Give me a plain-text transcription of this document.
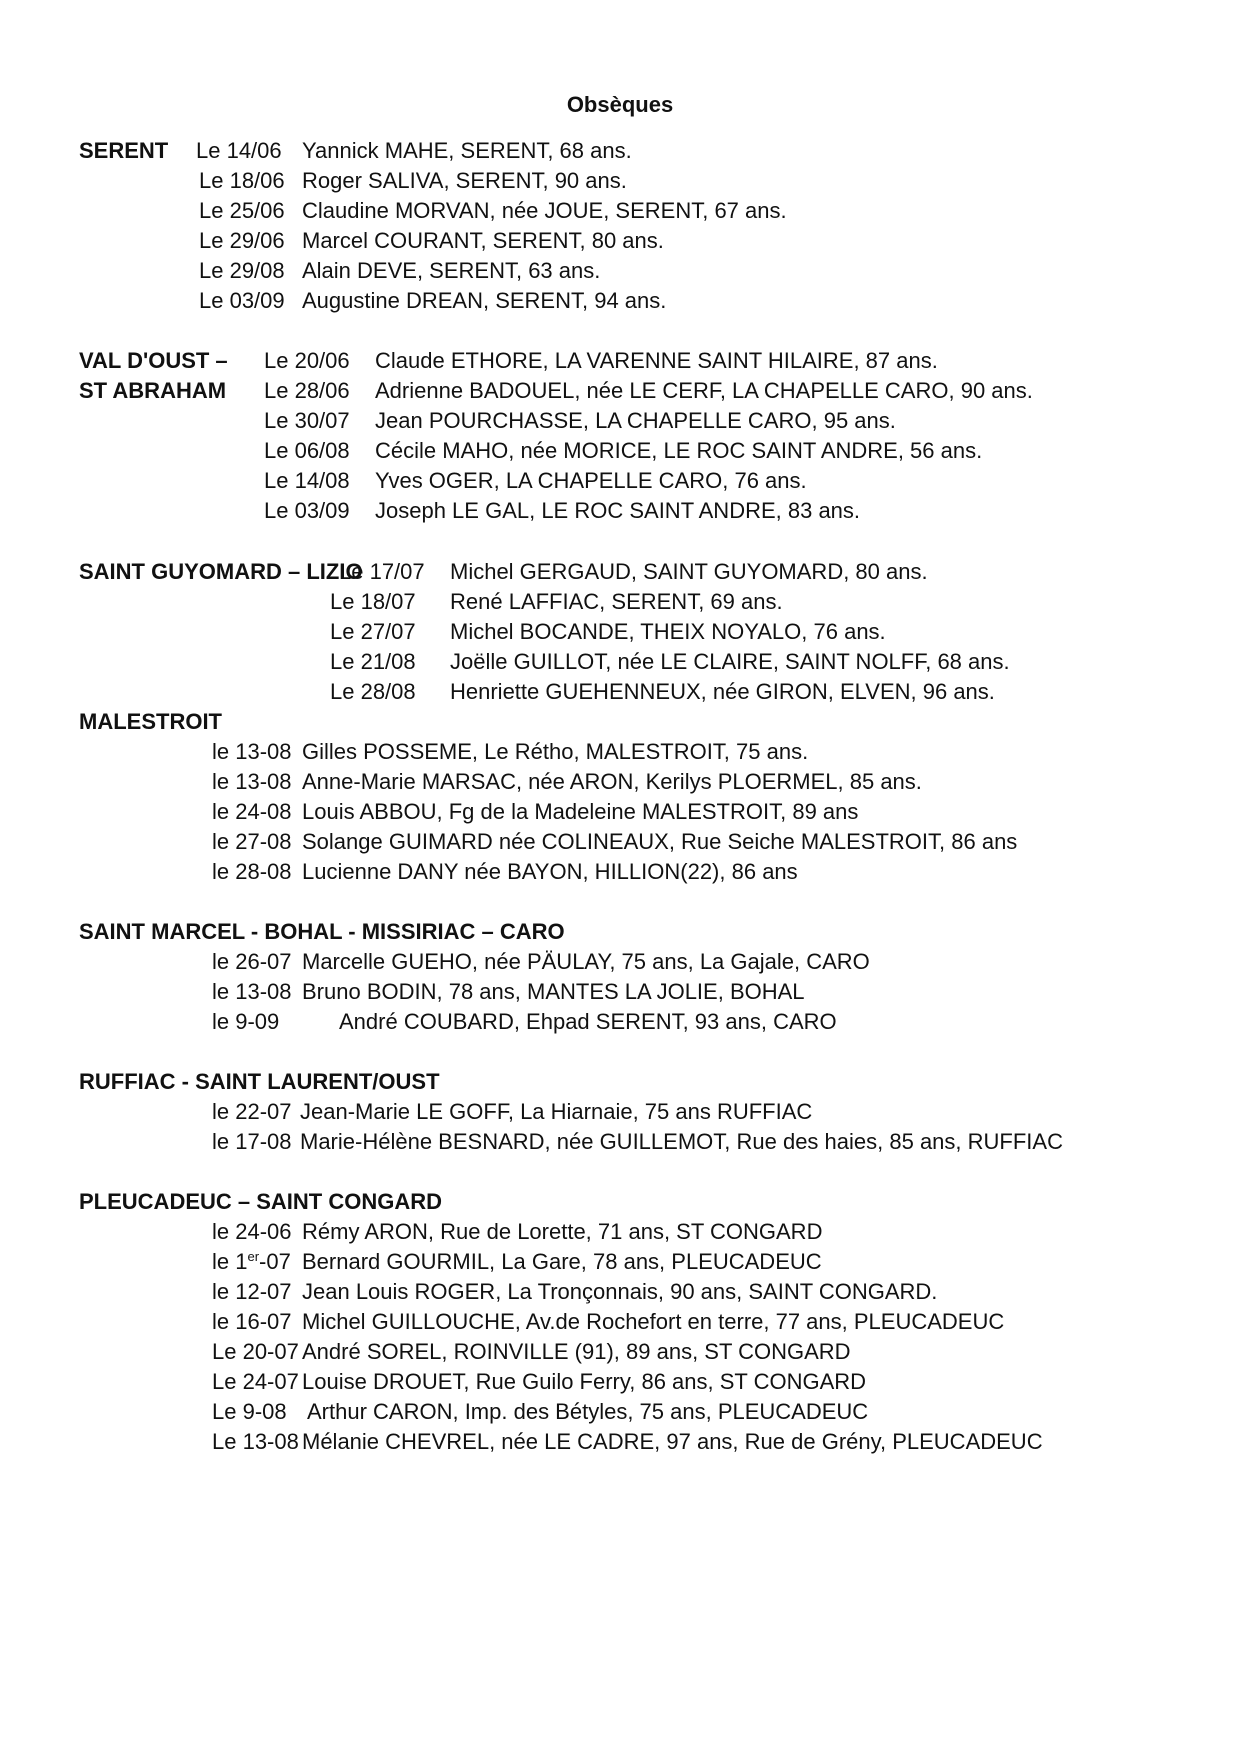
Obsèques
SERENT Le 14/06 Yannick MAHE, SERENT, 68 ans.
Le 18/06 Roger SALIVA, SERENT, 90 ans.
Le 25/06 Claudine MORVAN, née JOUE, SERENT, 67 ans.
Le 29/06 Marcel COURANT, SERENT, 80 ans.
Le 29/08 Alain DEVE, SERENT, 63 ans.
Le 03/09 Augustine DREAN, SERENT, 94 ans.
VAL D'OUST – Le 20/06 Claude ETHORE, LA VARENNE SAINT HILAIRE, 87 ans.
ST ABRAHAM Le 28/06 Adrienne BADOUEL, née LE CERF, LA CHAPELLE CARO, 90 ans.
Le 30/07 Jean POURCHASSE, LA CHAPELLE CARO, 95 ans.
Le 06/08 Cécile MAHO, née MORICE, LE ROC SAINT ANDRE, 56 ans.
Le 14/08 Yves OGER, LA CHAPELLE CARO, 76 ans.
Le 03/09 Joseph LE GAL, LE ROC SAINT ANDRE, 83 ans.
SAINT GUYOMARD – LIZIO
Le 17/07 Michel GERGAUD, SAINT GUYOMARD, 80 ans.
Le 18/07 René LAFFIAC, SERENT, 69 ans.
Le 27/07 Michel BOCANDE, THEIX NOYALO, 76 ans.
Le 21/08 Joëlle GUILLOT, née LE CLAIRE, SAINT NOLFF, 68 ans.
Le 28/08 Henriette GUEHENNEUX, née GIRON, ELVEN, 96 ans.
MALESTROIT
le 13-08 Gilles POSSEME, Le Rétho, MALESTROIT, 75 ans.
le 13-08 Anne-Marie MARSAC, née ARON, Kerilys PLOERMEL, 85 ans.
le 24-08 Louis ABBOU, Fg de la Madeleine MALESTROIT, 89 ans
le 27-08 Solange GUIMARD née COLINEAUX, Rue Seiche MALESTROIT, 86 ans
le 28-08 Lucienne DANY née BAYON, HILLION(22), 86 ans
SAINT MARCEL - BOHAL - MISSIRIAC – CARO
le 26-07 Marcelle GUEHO, née PÄULAY, 75 ans, La Gajale, CARO
le 13-08 Bruno BODIN, 78 ans, MANTES LA JOLIE, BOHAL
le 9-09	André COUBARD, Ehpad SERENT, 93 ans, CARO
RUFFIAC - SAINT LAURENT/OUST
le 22-07 Jean-Marie LE GOFF, La Hiarnaie, 75 ans RUFFIAC
le 17-08 Marie-Hélène BESNARD, née GUILLEMOT, Rue des haies, 85 ans, RUFFIAC
PLEUCADEUC – SAINT CONGARD
le 24-06 Rémy ARON, Rue de Lorette, 71 ans, ST CONGARD
le 1er-07 Bernard GOURMIL, La Gare, 78 ans, PLEUCADEUC
le 12-07 Jean Louis ROGER, La Tronçonnais, 90 ans, SAINT CONGARD.
le 16-07 Michel GUILLOUCHE, Av.de Rochefort en terre, 77 ans, PLEUCADEUC
Le 20-07 André SOREL, ROINVILLE (91), 89 ans, ST CONGARD
Le 24-07 Louise DROUET, Rue Guilo Ferry, 86 ans, ST CONGARD
Le 9-08 Arthur CARON, Imp. des Bétyles, 75 ans, PLEUCADEUC
Le 13-08 Mélanie CHEVREL, née LE CADRE, 97 ans, Rue de Grény, PLEUCADEUC
